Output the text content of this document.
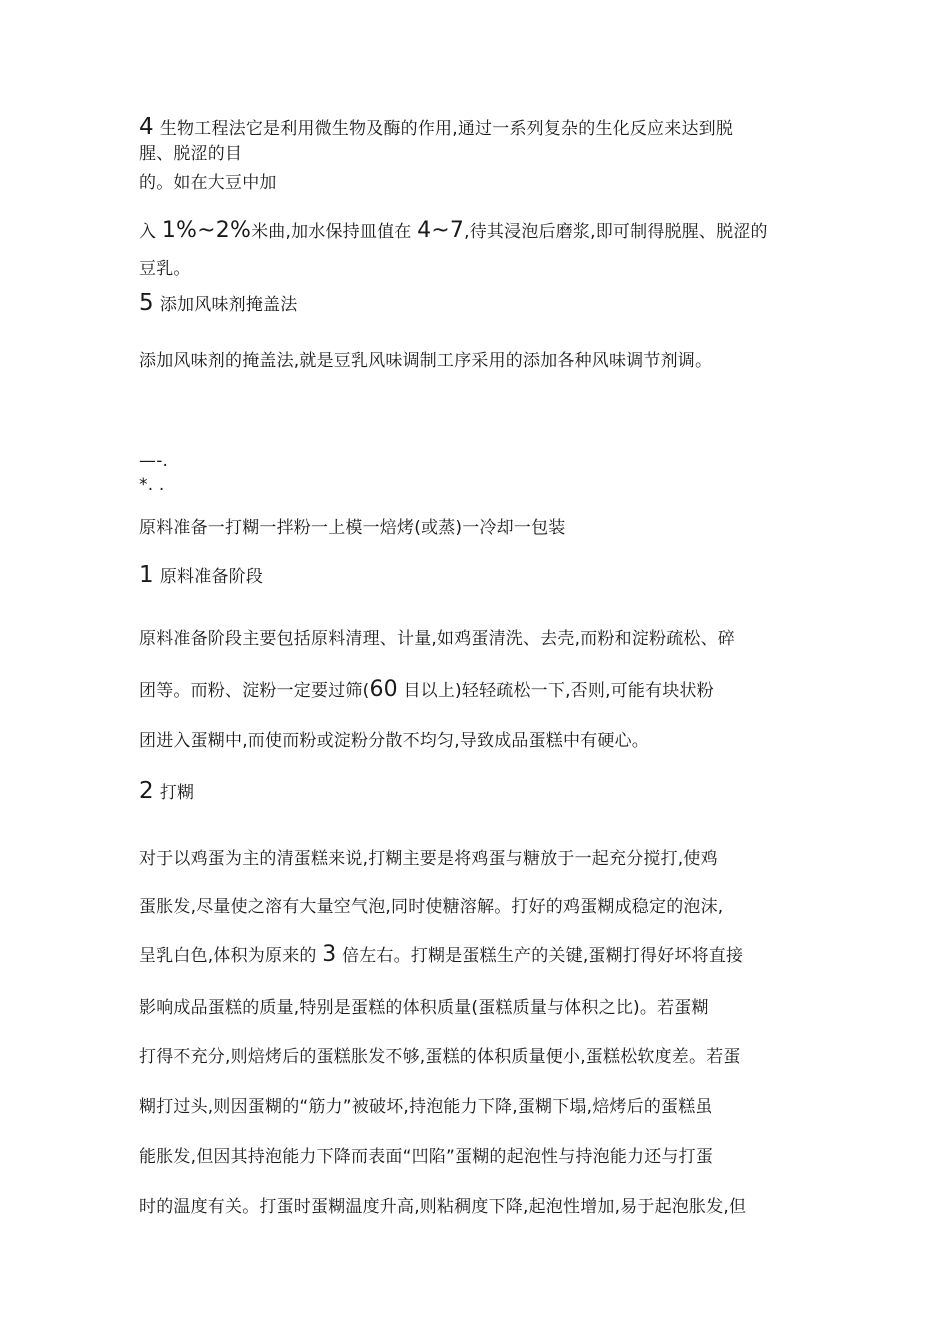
4 生物工程法它是利用微生物及酶的作用,通过一系列复杂的生化反应来达到脱
腥、脱涩的目
的。如在大豆中加
入 1%~2%米曲,加水保持皿值在 4~7,待其浸泡后磨浆,即可制得脱腥、脱涩的
豆乳。
5 添加风味剂掩盖法
添加风味剂的掩盖法,就是豆乳风味调制工序采用的添加各种风味调节剂调。
—-.
*. .
原料准备一打糊一拌粉一上模一焙烤(或蒸)一冷却一包装
1 原料准备阶段
原料准备阶段主要包括原料清理、计量,如鸡蛋清洗、去壳,而粉和淀粉疏松、碎
团等。而粉、淀粉一定要过筛(60 目以上)轻轻疏松一下,否则,可能有块状粉
团进入蛋糊中,而使而粉或淀粉分散不均匀,导致成品蛋糕中有硬心。
2 打糊
对于以鸡蛋为主的清蛋糕来说,打糊主要是将鸡蛋与糖放于一起充分搅打,使鸡
蛋胀发,尽量使之溶有大量空气泡,同时使糖溶解。打好的鸡蛋糊成稳定的泡沫,
呈乳白色,体积为原来的 3 倍左右。打糊是蛋糕生产的关键,蛋糊打得好坏将直接
影响成品蛋糕的质量,特别是蛋糕的体积质量(蛋糕质量与体积之比)。若蛋糊
打得不充分,则焙烤后的蛋糕胀发不够,蛋糕的体积质量便小,蛋糕松软度差。若蛋
糊打过头,则因蛋糊的“筋力”被破坏,持泡能力下降,蛋糊下塌,焙烤后的蛋糕虽
能胀发,但因其持泡能力下降而表面“凹陷”蛋糊的起泡性与持泡能力还与打蛋
时的温度有关。打蛋时蛋糊温度升高,则粘稠度下降,起泡性增加,易于起泡胀发,但
